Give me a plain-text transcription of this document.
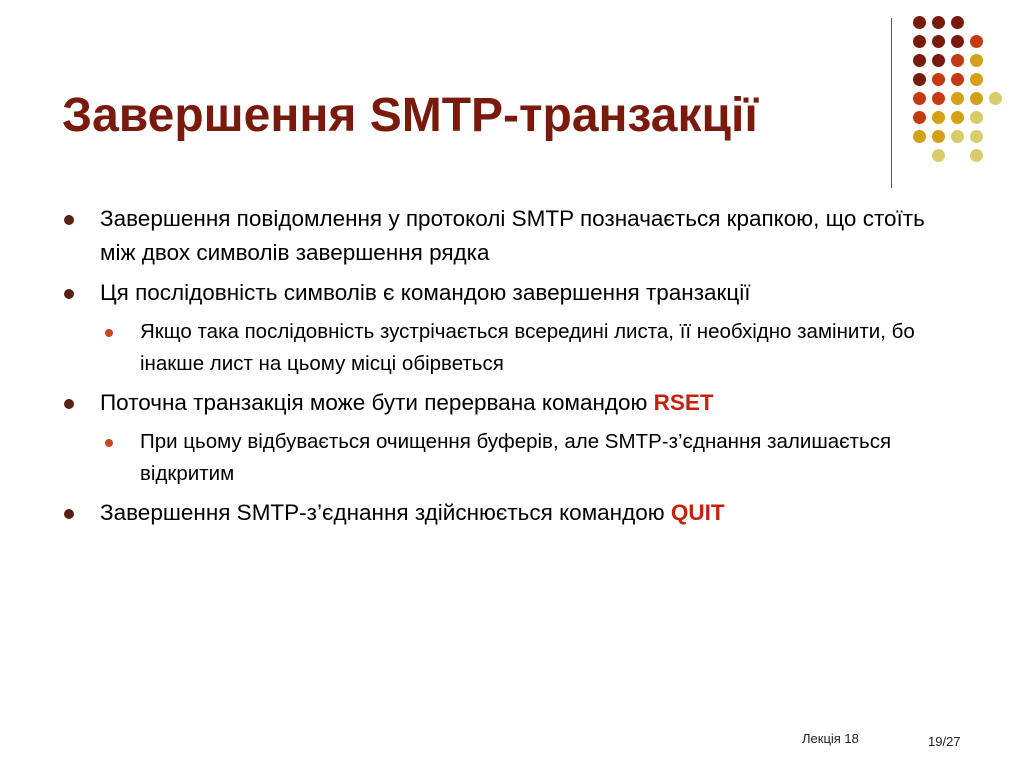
Завершення SMTP-транзакції
Завершення повідомлення у протоколі SMTP позначається крапкою, що стоїть між двох символів завершення рядка
Ця послідовність символів є командою завершення транзакції
Якщо така послідовність зустрічається всередині листа, її необхідно замінити, бо інакше лист на цьому місці обірветься
Поточна транзакція може бути перервана командою RSET
При цьому відбувається очищення буферів, але SMTP-з’єднання залишається відкритим
Завершення SMTP-з’єднання здійснюється командою QUIT
Лекція 18	19/27
